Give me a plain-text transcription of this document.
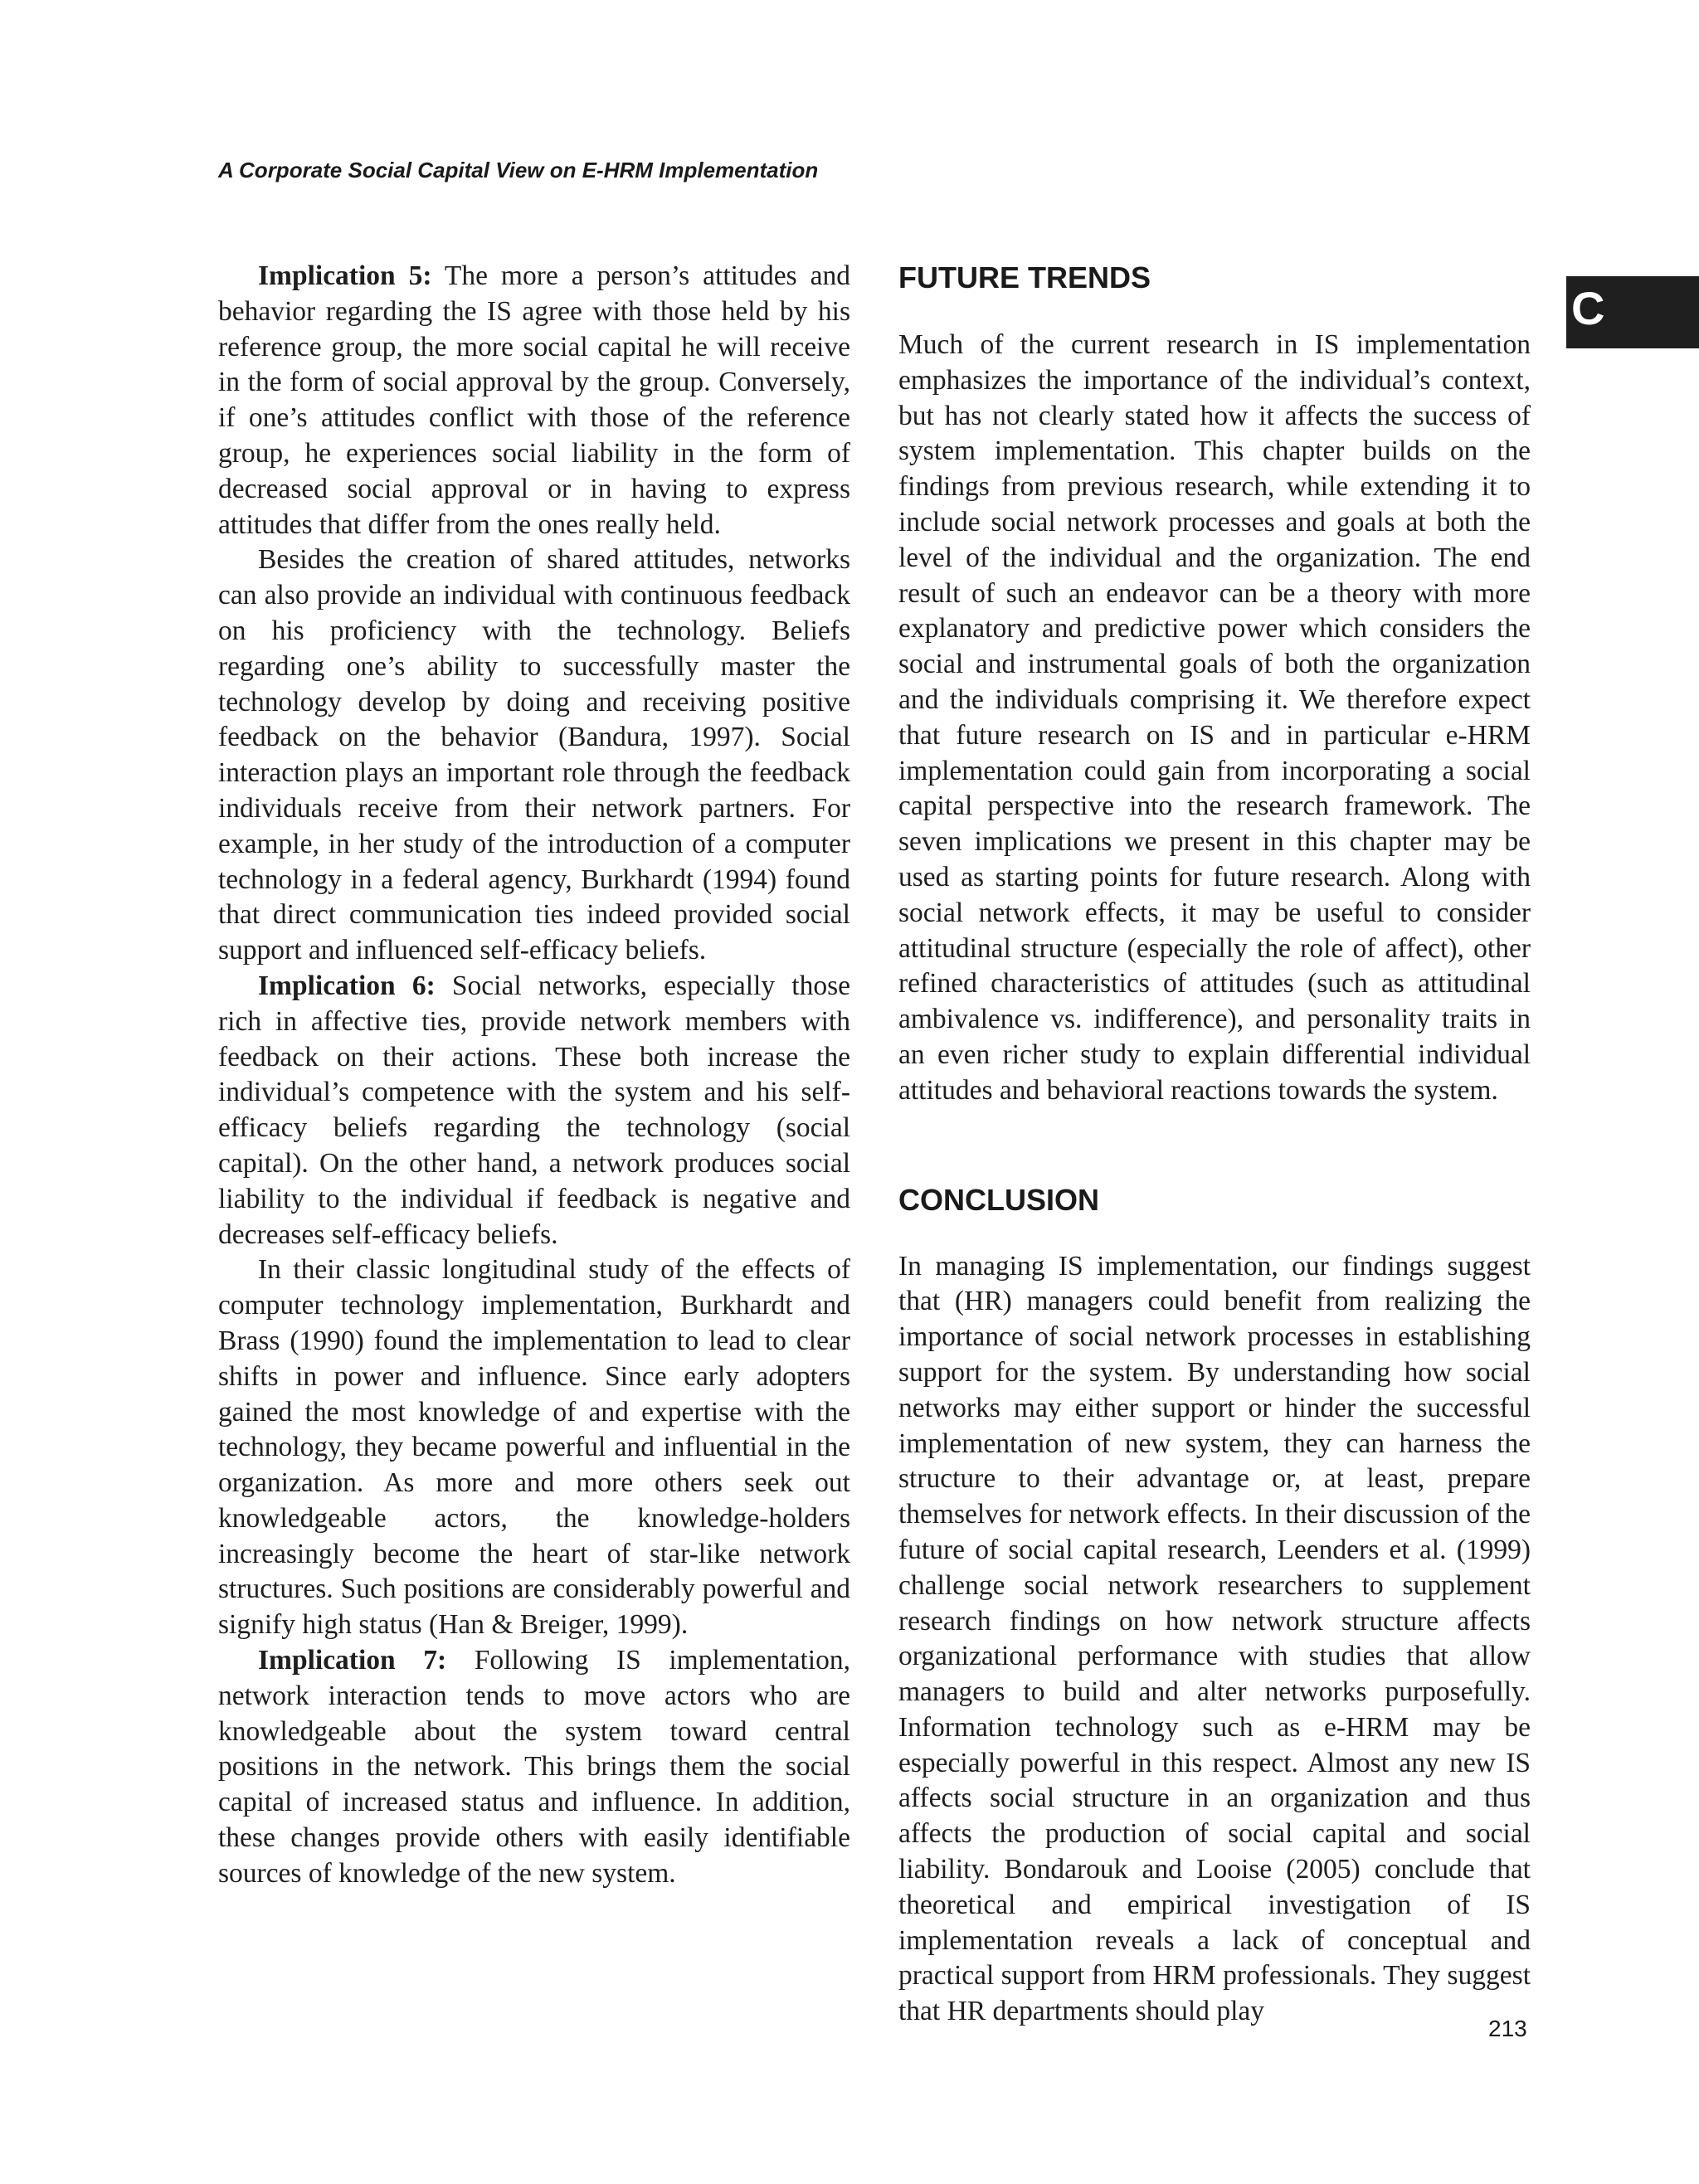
A Corporate Social Capital View on E-HRM Implementation
C

Implication 5: The more a person’s attitudes and behavior regarding the IS agree with those held by his reference group, the more social capital he will receive in the form of social approval by the group. Conversely, if one’s attitudes conflict with those of the reference group, he experiences social liability in the form of decreased social approval or in having to express attitudes that differ from the ones really held.

Besides the creation of shared attitudes, networks can also provide an individual with continuous feedback on his proficiency with the technology. Beliefs regarding one’s ability to successfully master the technology develop by doing and receiving positive feedback on the behavior (Bandura, 1997). Social interaction plays an important role through the feedback individuals receive from their network partners. For example, in her study of the introduction of a computer technology in a federal agency, Burkhardt (1994) found that direct communication ties indeed provided social support and influenced self-efficacy beliefs.

Implication 6: Social networks, especially those rich in affective ties, provide network members with feedback on their actions. These both increase the individual’s competence with the system and his self-efficacy beliefs regarding the technology (social capital). On the other hand, a network produces social liability to the individual if feedback is negative and decreases self-efficacy beliefs.

In their classic longitudinal study of the effects of computer technology implementation, Burkhardt and Brass (1990) found the implementation to lead to clear shifts in power and influence. Since early adopters gained the most knowledge of and expertise with the technology, they became powerful and influential in the organization. As more and more others seek out knowledgeable actors, the knowledge-holders increasingly become the heart of star-like network structures. Such positions are considerably powerful and signify high status (Han & Breiger, 1999).

Implication 7: Following IS implementation, network interaction tends to move actors who are knowledgeable about the system toward central positions in the network. This brings them the social capital of increased status and influence. In addition, these changes provide others with easily identifiable sources of knowledge of the new system.

FUTURE TRENDS

Much of the current research in IS implementation emphasizes the importance of the individual’s context, but has not clearly stated how it affects the success of system implementation. This chapter builds on the findings from previous research, while extending it to include social network processes and goals at both the level of the individual and the organization. The end result of such an endeavor can be a theory with more explanatory and predictive power which considers the social and instrumental goals of both the organization and the individuals comprising it. We therefore expect that future research on IS and in particular e-HRM implementation could gain from incorporating a social capital perspective into the research framework. The seven implications we present in this chapter may be used as starting points for future research. Along with social network effects, it may be useful to consider attitudinal structure (especially the role of affect), other refined characteristics of attitudes (such as attitudinal ambivalence vs. indifference), and personality traits in an even richer study to explain differential individual attitudes and behavioral reactions towards the system.

CONCLUSION

In managing IS implementation, our findings suggest that (HR) managers could benefit from realizing the importance of social network processes in establishing support for the system. By understanding how social networks may either support or hinder the successful implementation of new system, they can harness the structure to their advantage or, at least, prepare themselves for network effects. In their discussion of the future of social capital research, Leenders et al. (1999) challenge social network researchers to supplement research findings on how network structure affects organizational performance with studies that allow managers to build and alter networks purposefully. Information technology such as e-HRM may be especially powerful in this respect. Almost any new IS affects social structure in an organization and thus affects the production of social capital and social liability. Bondarouk and Looise (2005) conclude that theoretical and empirical investigation of IS implementation reveals a lack of conceptual and practical support from HRM professionals. They suggest that HR departments should play

213
